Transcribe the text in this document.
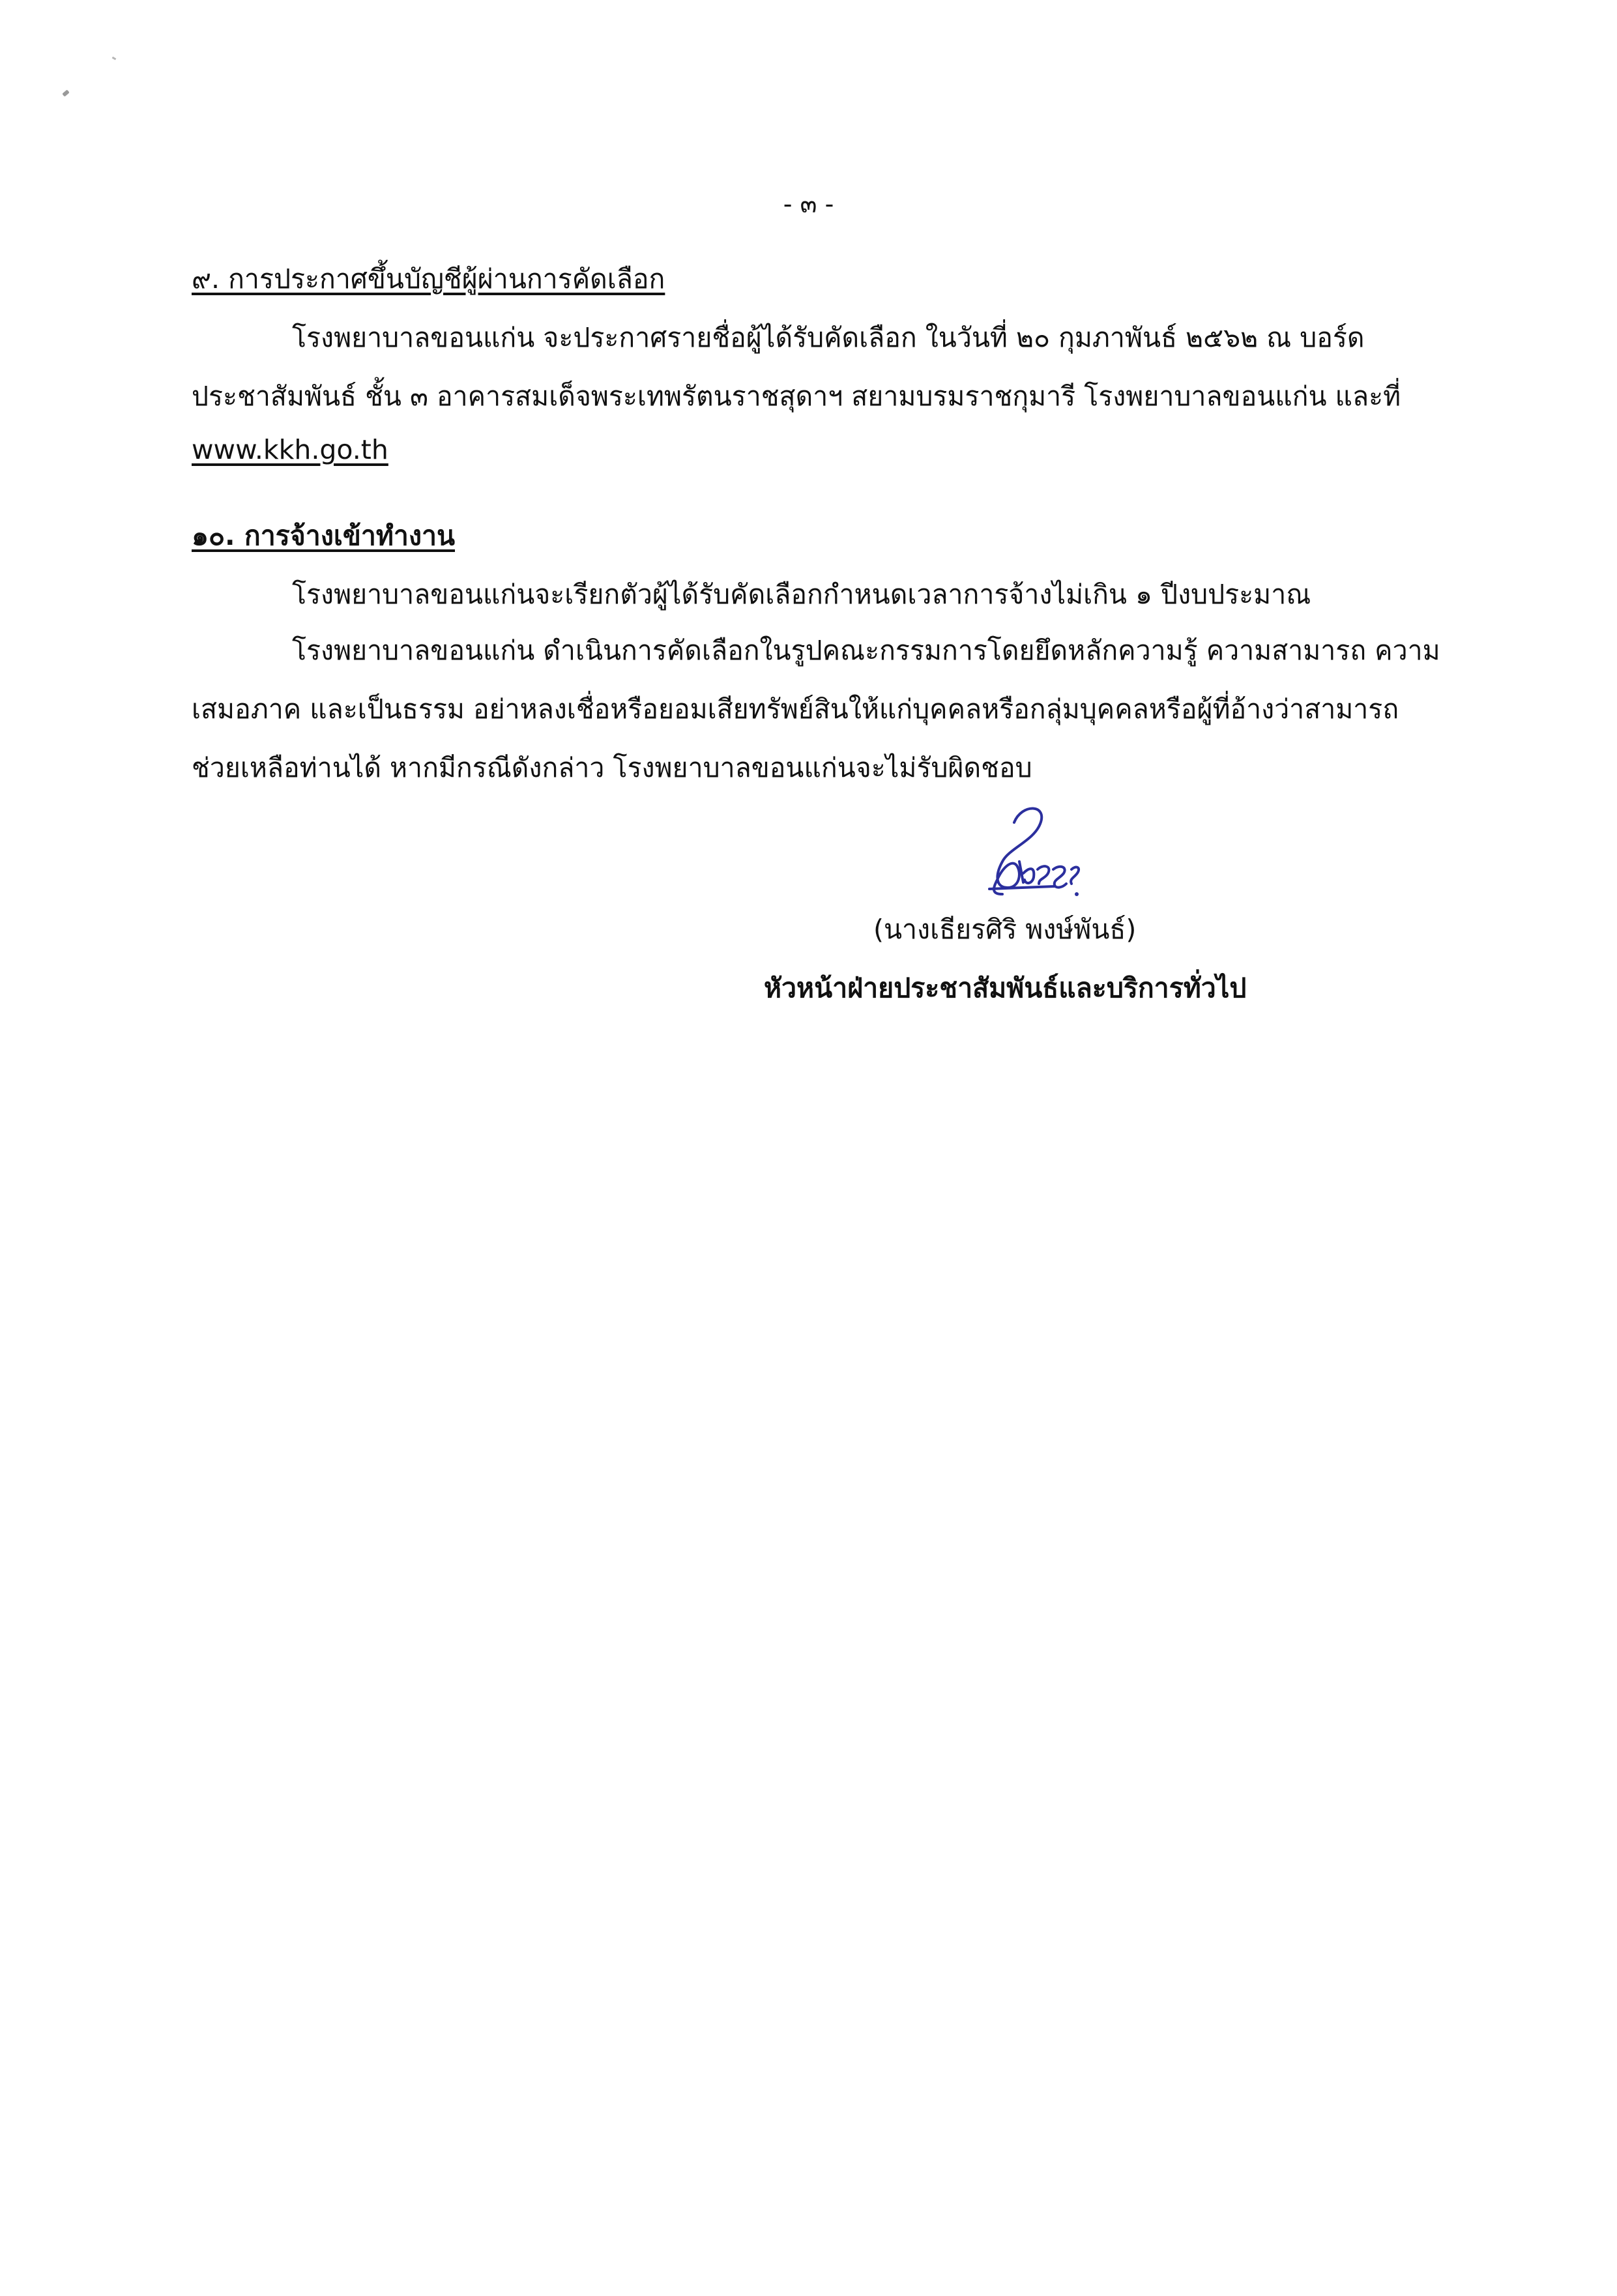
- ๓ -
๙. การประกาศขึ้นบัญชีผู้ผ่านการคัดเลือก
โรงพยาบาลขอนแก่น จะประกาศรายชื่อผู้ได้รับคัดเลือก ในวันที่ ๒๐ กุมภาพันธ์ ๒๕๖๒ ณ บอร์ด
ประชาสัมพันธ์ ชั้น ๓ อาคารสมเด็จพระเทพรัตนราชสุดาฯ สยามบรมราชกุมารี โรงพยาบาลขอนแก่น และที่
www.kkh.go.th
๑๐. การจ้างเข้าทำงาน
โรงพยาบาลขอนแก่นจะเรียกตัวผู้ได้รับคัดเลือกกำหนดเวลาการจ้างไม่เกิน ๑ ปีงบประมาณ
โรงพยาบาลขอนแก่น ดำเนินการคัดเลือกในรูปคณะกรรมการโดยยึดหลักความรู้ ความสามารถ ความ
เสมอภาค และเป็นธรรม อย่าหลงเชื่อหรือยอมเสียทรัพย์สินให้แก่บุคคลหรือกลุ่มบุคคลหรือผู้ที่อ้างว่าสามารถ
ช่วยเหลือท่านได้ หากมีกรณีดังกล่าว โรงพยาบาลขอนแก่นจะไม่รับผิดชอบ
(นางเธียรศิริ พงษ์พันธ์)
หัวหน้าฝ่ายประชาสัมพันธ์และบริการทั่วไป
